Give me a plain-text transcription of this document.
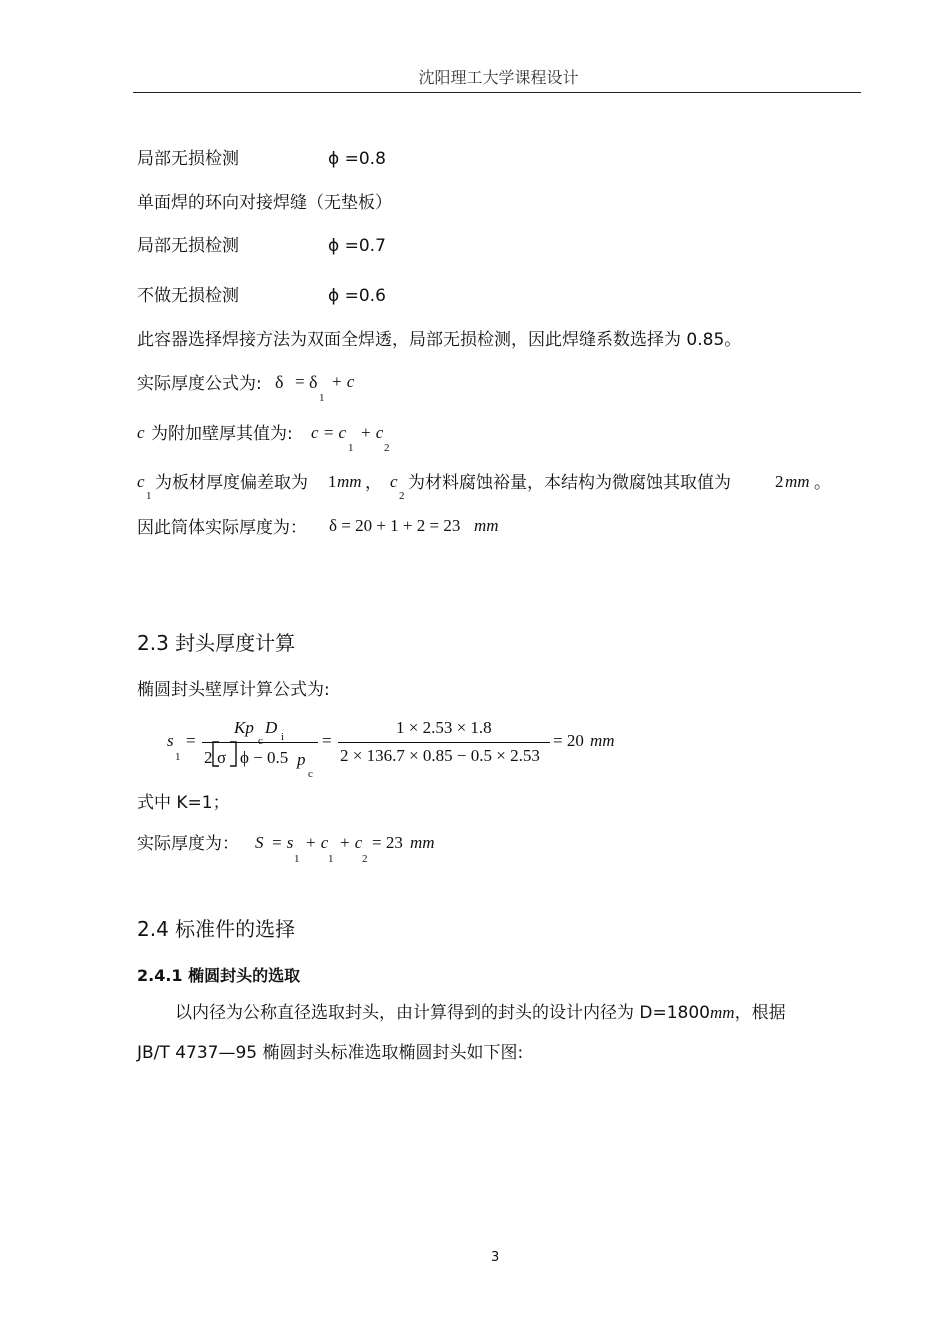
沈阳理工大学课程设计
局部无损检测	ϕ =0.8
单面焊的环向对接焊缝（无垫板）
局部无损检测	ϕ =0.7
不做无损检测	ϕ =0.6
此容器选择焊接方法为双面全焊透，局部无损检测，因此焊缝系数选择为 0.85。
实际厚度公式为: δ = δ
1
+ c
c 为附加壁厚其值为: c = c
1
+ c
2
c
1
为板材厚度偏差取为 1 mm ， c
2
为材料腐蚀裕量，本结构为微腐蚀其取值为	2 mm 。
因此筒体实际厚度为： δ = 20 + 1 + 2 = 23 mm
2.3 封头厚度计算
椭圆封头壁厚计算公式为:
s
1
=
Kp
c
D i
2 σ ϕ − 0.5 p
c
=
1 × 2.53 × 1.8
2 × 136.7 × 0.85 − 0.5 × 2.53
= 20 mm
式中 K=1；
实际厚度为： S = s
1
+ c
1
+ c
2
= 23 mm
2.4 标准件的选择
2.4.1 椭圆封头的选取
以内径为公称直径选取封头，由计算得到的封头的设计内径为 D=1800mm，根据
JB/T 4737—95 椭圆封头标准选取椭圆封头如下图:
3
